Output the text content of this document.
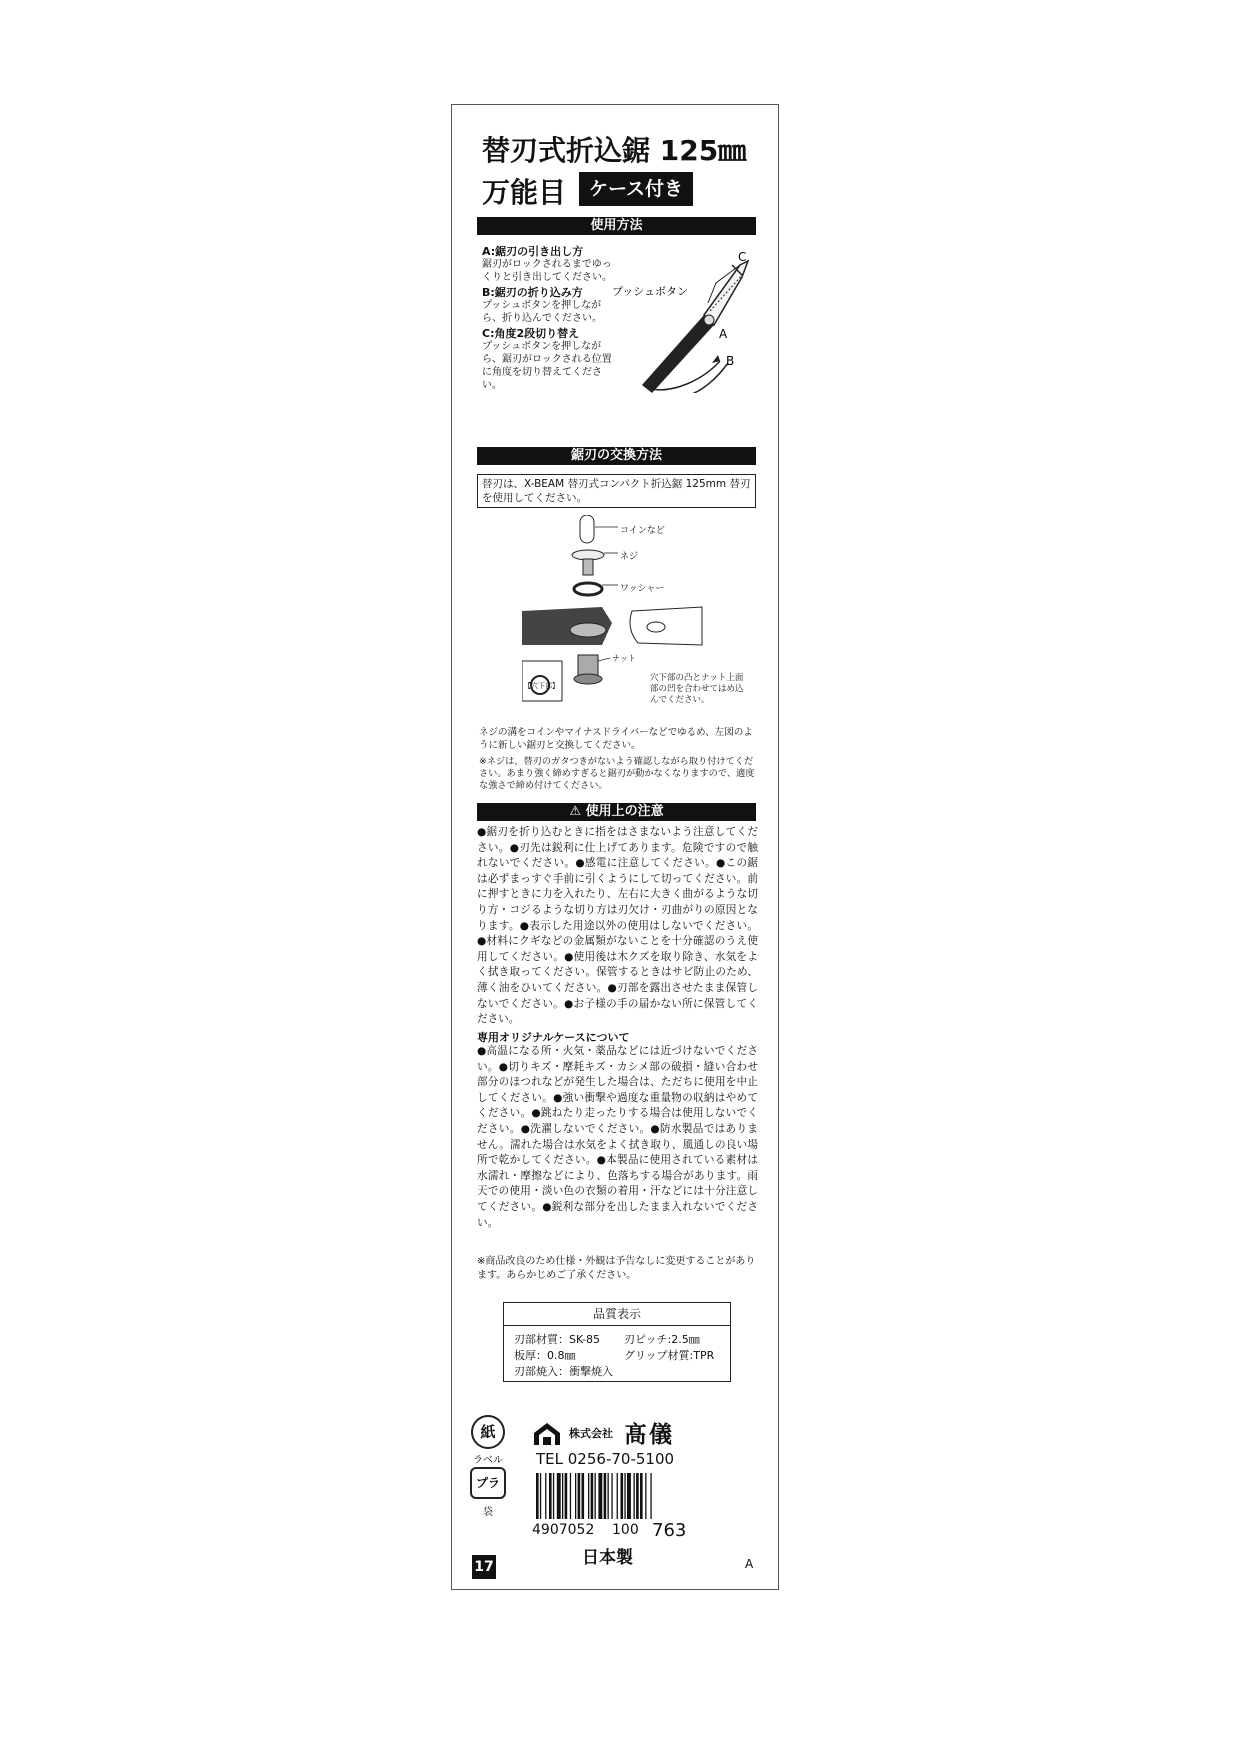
替刃式折込鋸 125㎜
万能目	ケース付き
使用方法
A:鋸刃の引き出し方
鋸刃がロックされるまでゆっくりと引き出してください。
B:鋸刃の折り込み方
プッシュボタンを押しながら、折り込んでください。
C:角度2段切り替え
プッシュボタンを押しながら、鋸刃がロックされる位置に角度を切り替えてください。
プッシュボタン
A
B
C
鋸刃の交換方法
替刃は、X-BEAM 替刃式コンパクト折込鋸 125mm 替刃を使用してください。
コインなど
ネジ
ワッシャー
ナット
【穴下部】
穴下部の凸とナット上面部の凹を合わせてはめ込んでください。
ネジの溝をコインやマイナスドライバーなどでゆるめ、左図のように新しい鋸刃と交換してください。
※ネジは、替刃のガタつきがないよう確認しながら取り付けてください。あまり強く締めすぎると鋸刃が動かなくなりますので、適度な強さで締め付けてください。
⚠ 使用上の注意
●鋸刃を折り込むときに指をはさまないよう注意してください。●刃先は鋭利に仕上げてあります。危険ですので触れないでください。●感電に注意してください。●この鋸は必ずまっすぐ手前に引くようにして切ってください。前に押すときに力を入れたり、左右に大きく曲がるような切り方・コジるような切り方は刃欠け・刃曲がりの原因となります。●表示した用途以外の使用はしないでください。●材料にクギなどの金属類がないことを十分確認のうえ使用してください。●使用後は木クズを取り除き、水気をよく拭き取ってください。保管するときはサビ防止のため、薄く油をひいてください。●刃部を露出させたまま保管しないでください。●お子様の手の届かない所に保管してください。
専用オリジナルケースについて
●高温になる所・火気・薬品などには近づけないでください。●切りキズ・摩耗キズ・カシメ部の破損・縫い合わせ部分のほつれなどが発生した場合は、ただちに使用を中止してください。●強い衝撃や過度な重量物の収納はやめてください。●跳ねたり走ったりする場合は使用しないでください。●洗濯しないでください。●防水製品ではありません。濡れた場合は水気をよく拭き取り、風通しの良い場所で乾かしてください。●本製品に使用されている素材は水濡れ・摩擦などにより、色落ちする場合があります。雨天での使用・淡い色の衣類の着用・汗などには十分注意してください。●鋭利な部分を出したまま入れないでください。
※商品改良のため仕様・外観は予告なしに変更することがあります。あらかじめご了承ください。
品質表示
刃部材質：SK-85 刃ピッチ:2.5㎜
板厚：0.8㎜	グリップ材質:TPR
刃部焼入：衝撃焼入
紙
ラベル
プラ
袋
株式会社 髙儀
TEL 0256-70-5100
4907052 100 763
日本製
17	A
